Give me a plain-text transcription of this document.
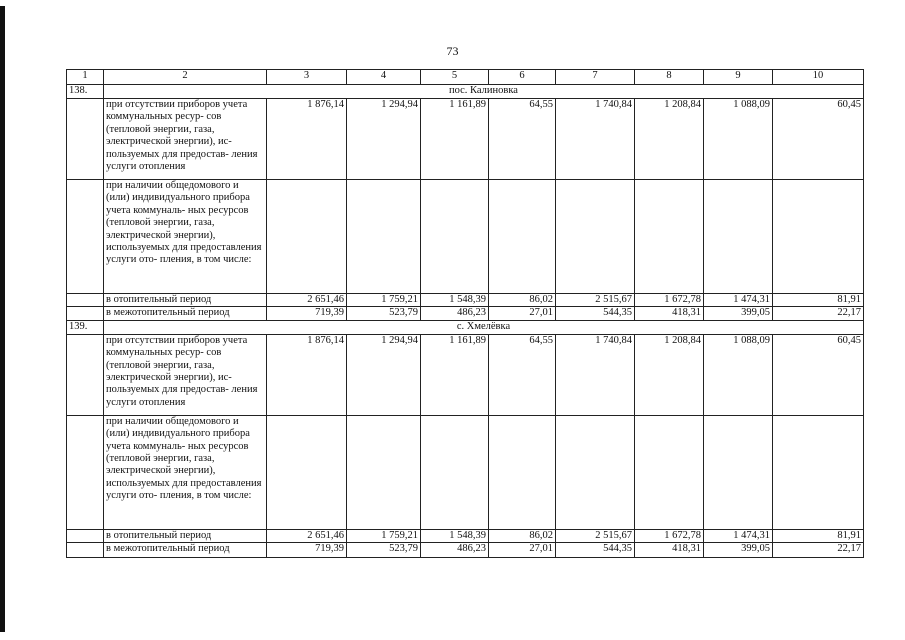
73
1	2	3	4	5	6	7	8	9	10
138.	пос. Калиновка								
	при отсутствии приборов учета коммунальных ресур- сов (тепловой энергии, газа, электрической энергии), ис- пользуемых для предостав- ления услуги отопления	1 876,14	1 294,94	1 161,89	64,55	1 740,84	1 208,84	1 088,09	60,45
	при наличии общедомового и (или) индивидуального прибора учета коммуналь- ных ресурсов (тепловой энергии, газа, электрической энергии), используемых для предоставления услуги ото- пления, в том числе:								
	в отопительный период	2 651,46	1 759,21	1 548,39	86,02	2 515,67	1 672,78	1 474,31	81,91
	в межотопительный период	719,39	523,79	486,23	27,01	544,35	418,31	399,05	22,17
139.	с. Хмелёвка								
	при отсутствии приборов учета коммунальных ресур- сов (тепловой энергии, газа, электрической энергии), ис- пользуемых для предостав- ления услуги отопления	1 876,14	1 294,94	1 161,89	64,55	1 740,84	1 208,84	1 088,09	60,45
	при наличии общедомового и (или) индивидуального прибора учета коммуналь- ных ресурсов (тепловой энергии, газа, электрической энергии), используемых для предоставления услуги ото- пления, в том числе:								
	в отопительный период	2 651,46	1 759,21	1 548,39	86,02	2 515,67	1 672,78	1 474,31	81,91
	в межотопительный период	719,39	523,79	486,23	27,01	544,35	418,31	399,05	22,17
